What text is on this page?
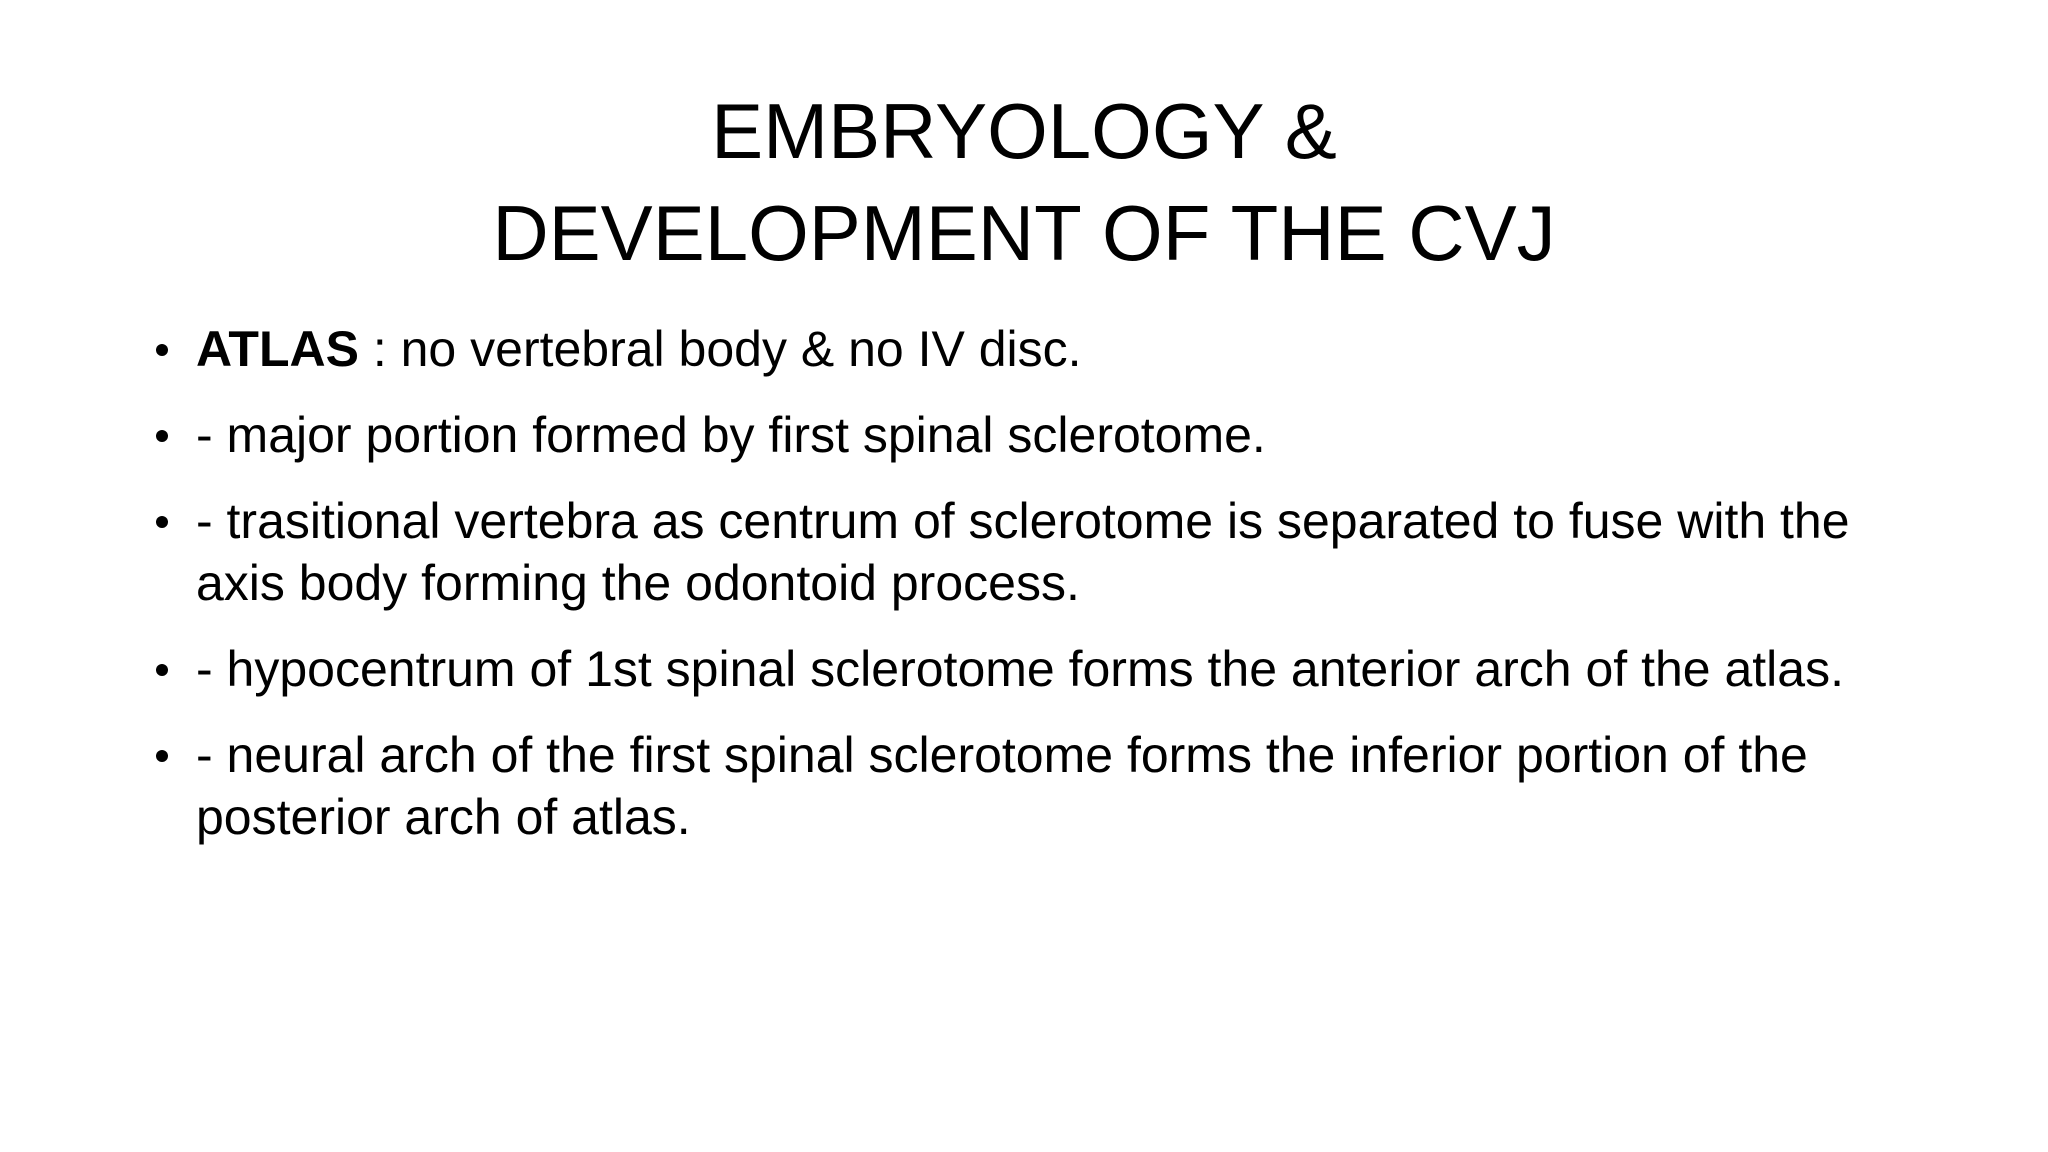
EMBRYOLOGY &
DEVELOPMENT OF THE CVJ
ATLAS : no vertebral body & no IV disc.
- major portion formed by first spinal sclerotome.
- trasitional vertebra as centrum of sclerotome is separated to fuse with the axis body forming the odontoid process.
- hypocentrum of 1st spinal sclerotome forms the anterior arch of the atlas.
- neural arch of the first spinal sclerotome forms the inferior portion of the posterior arch of atlas.
